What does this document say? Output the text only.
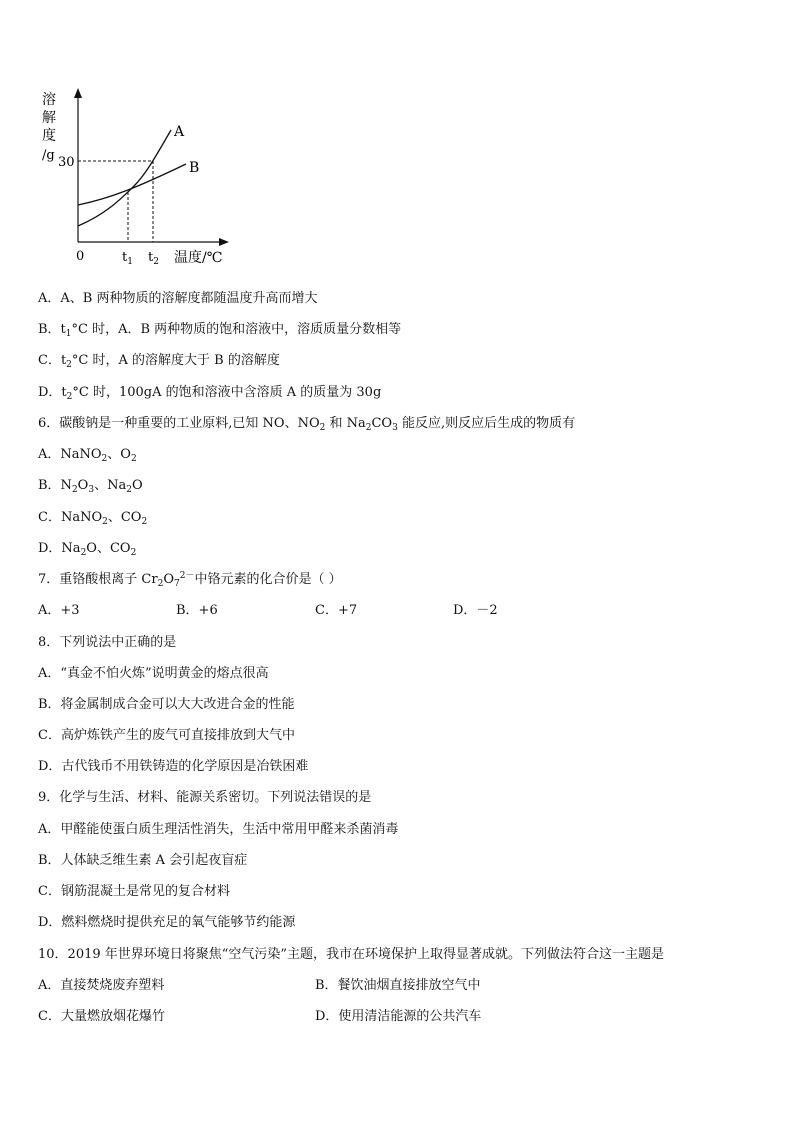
溶
解
度
/g 30
0	$t_1$ $t_2$ 温度/℃
A
B
A．A、B 两种物质的溶解度都随温度升高而增大
B．$t_1^\circ C$ 时，A．B 两种物质的饱和溶液中，溶质质量分数相等
C．$t_2^\circ C$ 时，A 的溶解度大于 B 的溶解度
D．$t_2^\circ C$ 时，100gA 的饱和溶液中含溶质 A 的质量为 30g
6．碳酸钠是一种重要的工业原料,已知 NO、$NO_2$ 和 $Na_2CO_3$ 能反应,则反应后生成的物质有
A．NaNO$_2$、$O_2$
B．$N_2O_3$、$Na_2O$
C．NaNO$_2$、$CO_2$
D．$Na_2O$、$CO_2$
7．重铬酸根离子 $Cr_2O_7^{2-}$中铬元素的化合价是（ ）
A．+3	B．+6	C．+7	D．－2
8．下列说法中正确的是
A．“真金不怕火炼”说明黄金的熔点很高
B．将金属制成合金可以大大改进合金的性能
C．高炉炼铁产生的废气可直接排放到大气中
D．古代钱币不用铁铸造的化学原因是冶铁困难
9．化学与生活、材料、能源关系密切。下列说法错误的是
A．甲醛能使蛋白质生理活性消失，生活中常用甲醛来杀菌消毒
B．人体缺乏维生素 A 会引起夜盲症
C．钢筋混凝土是常见的复合材料
D．燃料燃烧时提供充足的氧气能够节约能源
10．2019 年世界环境日将聚焦“空气污染”主题，我市在环境保护上取得显著成就。下列做法符合这一主题是
A．直接焚烧废弃塑料	B．餐饮油烟直接排放空气中
C．大量燃放烟花爆竹	D．使用清洁能源的公共汽车
